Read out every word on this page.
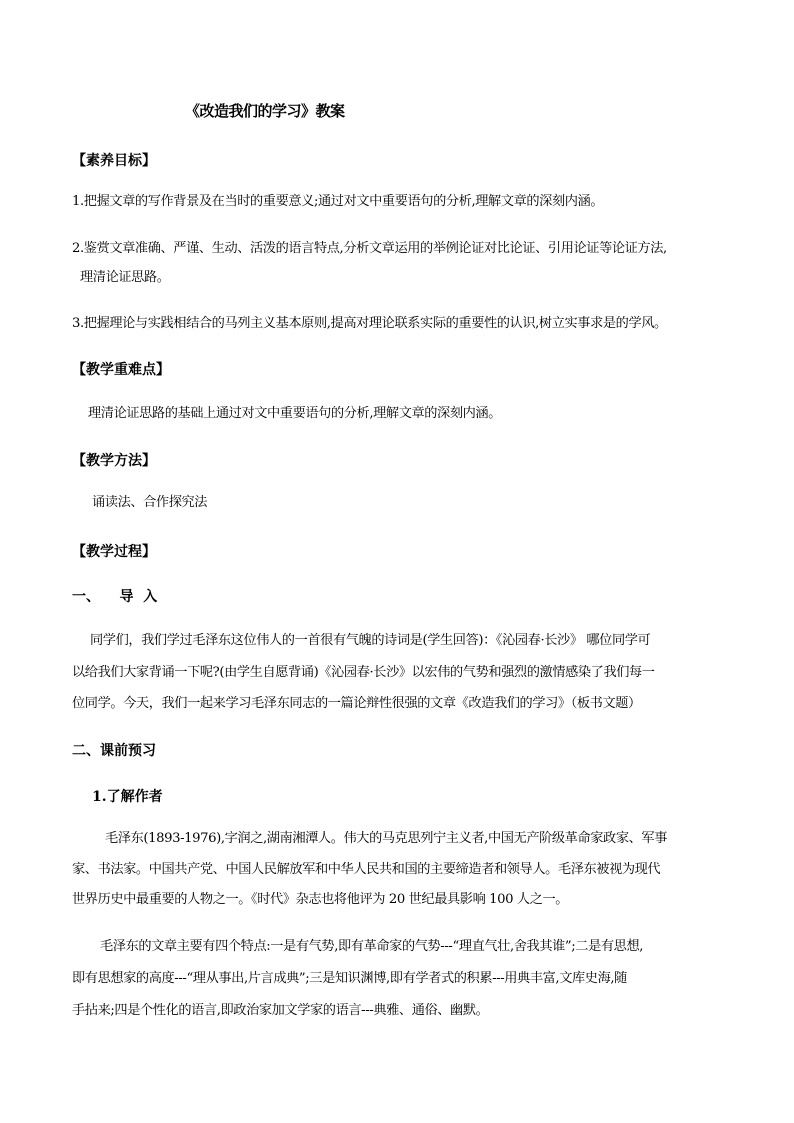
《改造我们的学习》教案
【素养目标】
1.把握文章的写作背景及在当时的重要意义;通过对文中重要语句的分析,理解文章的深刻内涵。
2.鉴赏文章准确、严谨、生动、活泼的语言特点,分析文章运用的举例论证对比论证、引用论证等论证方法,
理清论证思路。
3.把握理论与实践相结合的马列主义基本原则,提高对理论联系实际的重要性的认识,树立实事求是的学风。
【教学重难点】
理清论证思路的基础上通过对文中重要语句的分析,理解文章的深刻内涵。
【教学方法】
诵读法、合作探究法
【教学过程】
一、    导  入
同学们，我们学过毛泽东这位伟人的一首很有气魄的诗词是(学生回答)：《沁园春·长沙》 哪位同学可
以给我们大家背诵一下呢?(由学生自愿背诵)《沁园春·长沙》以宏伟的气势和强烈的激情感染了我们每一
位同学。今天，我们一起来学习毛泽东同志的一篇论辩性很强的文章《改造我们的学习》（板书文题）
二、课前预习
1.了解作者
毛泽东(1893-1976),字润之,湖南湘潭人。伟大的马克思列宁主义者,中国无产阶级革命家政家、军事
家、书法家。中国共产党、中国人民解放军和中华人民共和国的主要缔造者和领导人。毛泽东被视为现代
世界历史中最重要的人物之一。《时代》杂志也将他评为 20 世纪最具影响 100 人之一。
毛泽东的文章主要有四个特点:一是有气势,即有革命家的气势---“理直气壮,舍我其谁”;二是有思想,
即有思想家的高度---“理从事出,片言成典”;三是知识渊博,即有学者式的积累---用典丰富,文库史海,随
手拈来;四是个性化的语言,即政治家加文学家的语言---典雅、通俗、幽默。
